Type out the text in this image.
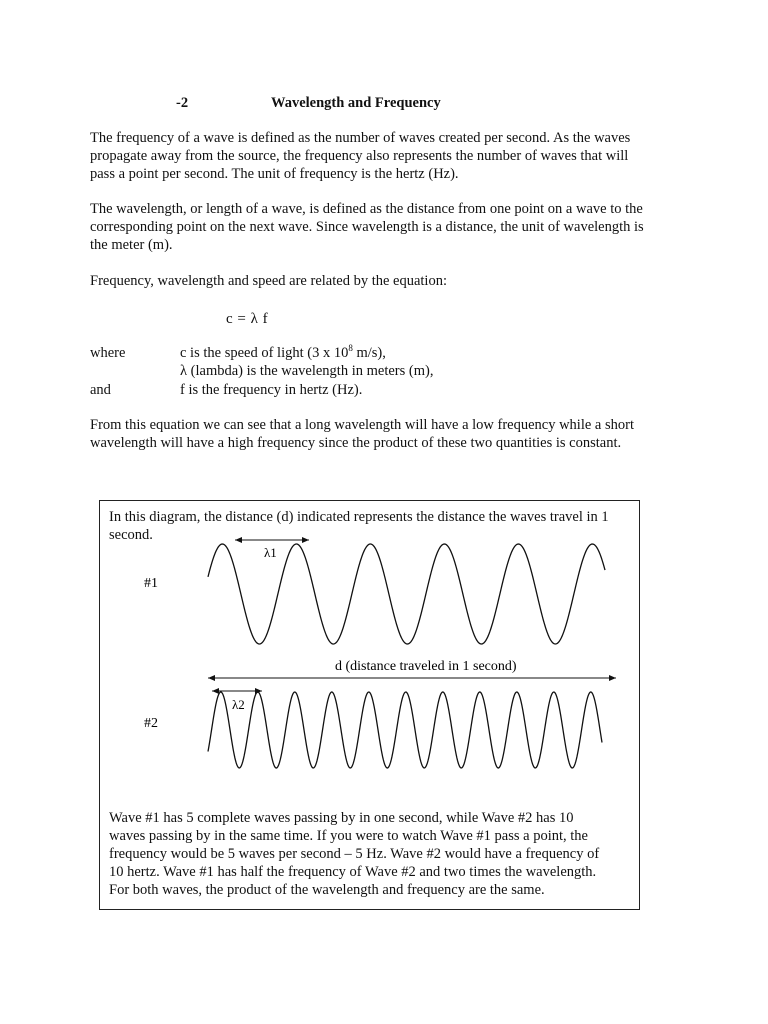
-2	Wavelength and Frequency
The frequency of a wave is defined as the number of waves created per second. As the waves
propagate away from the source, the frequency also represents the number of waves that will
pass a point per second. The unit of frequency is the hertz (Hz).
The wavelength, or length of a wave, is defined as the distance from one point on a wave to the
corresponding point on the next wave. Since wavelength is a distance, the unit of wavelength is
the meter (m).
Frequency, wavelength and speed are related by the equation:
c = λ f
where	c is the speed of light (3 x $10^8$ m/s),
λ (lambda) is the wavelength in meters (m),
and	f is the frequency in hertz (Hz).
From this equation we can see that a long wavelength will have a low frequency while a short
wavelength will have a high frequency since the product of these two quantities is constant.
In this diagram, the distance (d) indicated represents the distance the waves travel in 1
second.
#1
#2
λ1
d (distance traveled in 1 second)
λ2
Wave #1 has 5 complete waves passing by in one second, while Wave #2 has 10
waves passing by in the same time. If you were to watch Wave #1 pass a point, the
frequency would be 5 waves per second – 5 Hz. Wave #2 would have a frequency of
10 hertz. Wave #1 has half the frequency of Wave #2 and two times the wavelength.
For both waves, the product of the wavelength and frequency are the same.
